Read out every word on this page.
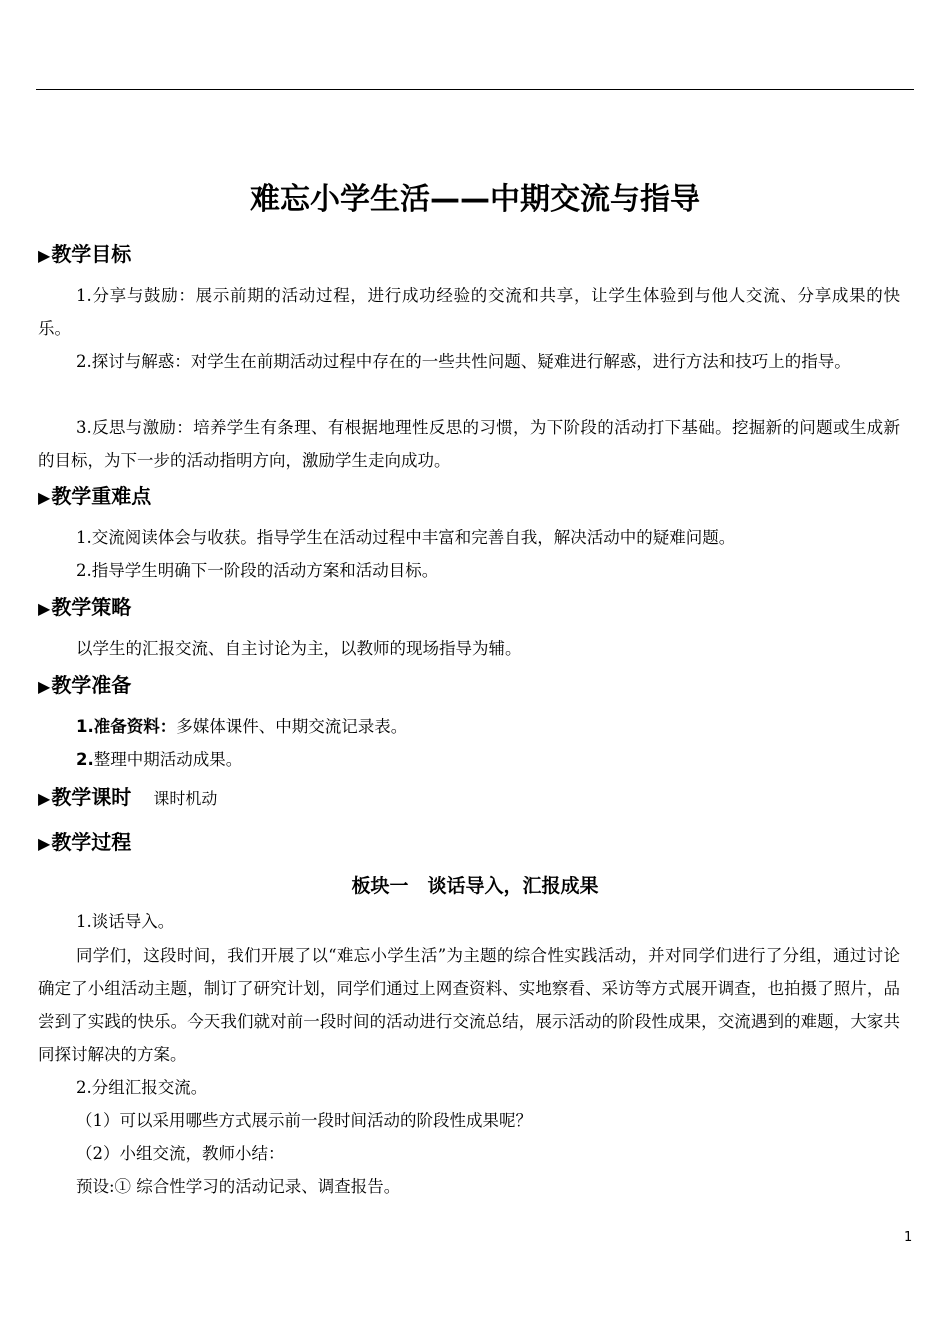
难忘小学生活——中期交流与指导
▶教学目标
1.分享与鼓励：展示前期的活动过程，进行成功经验的交流和共享，让学生体验到与他人交流、分享成果的快乐。
2.探讨与解惑：对学生在前期活动过程中存在的一些共性问题、疑难进行解惑，进行方法和技巧上的指导。
3.反思与激励：培养学生有条理、有根据地理性反思的习惯，为下阶段的活动打下基础。挖掘新的问题或生成新的目标，为下一步的活动指明方向，激励学生走向成功。
▶教学重难点
1.交流阅读体会与收获。指导学生在活动过程中丰富和完善自我，解决活动中的疑难问题。
2.指导学生明确下一阶段的活动方案和活动目标。
▶教学策略
以学生的汇报交流、自主讨论为主，以教师的现场指导为辅。
▶教学准备
1.准备资料：多媒体课件、中期交流记录表。
2.整理中期活动成果。
▶教学课时 课时机动
▶教学过程
板块一　谈话导入，汇报成果
1.谈话导入。
同学们，这段时间，我们开展了以“难忘小学生活”为主题的综合性实践活动，并对同学们进行了分组，通过讨论确定了小组活动主题，制订了研究计划，同学们通过上网查资料、实地察看、采访等方式展开调查，也拍摄了照片，品尝到了实践的快乐。今天我们就对前一段时间的活动进行交流总结，展示活动的阶段性成果，交流遇到的难题，大家共同探讨解决的方案。
2.分组汇报交流。
（1）可以采用哪些方式展示前一段时间活动的阶段性成果呢？
（2）小组交流，教师小结：
预设:① 综合性学习的活动记录、调查报告。
1
